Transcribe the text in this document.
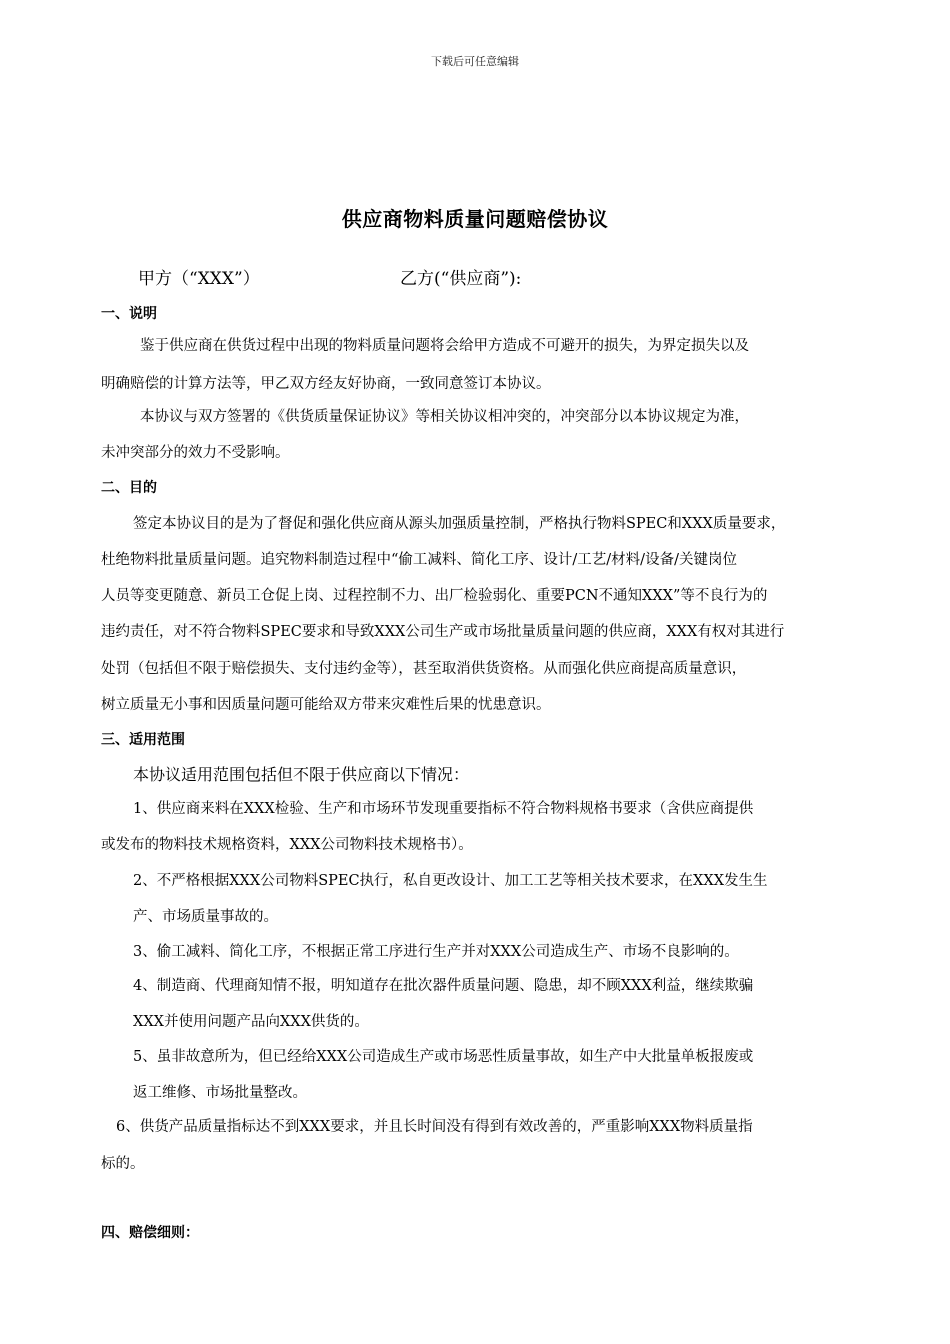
下载后可任意编辑
供应商物料质量问题赔偿协议
甲方（“XXX”）	乙方(“供应商”):
一、说明
鉴于供应商在供货过程中出现的物料质量问题将会给甲方造成不可避开的损失，为界定损失以及
明确赔偿的计算方法等，甲乙双方经友好协商，一致同意签订本协议。
本协议与双方签署的《供货质量保证协议》等相关协议相冲突的，冲突部分以本协议规定为准，
未冲突部分的效力不受影响。
二、目的
签定本协议目的是为了督促和强化供应商从源头加强质量控制，严格执行物料SPEC和XXX质量要求，
杜绝物料批量质量问题。追究物料制造过程中“偷工减料、简化工序、设计/工艺/材料/设备/关键岗位
人员等变更随意、新员工仓促上岗、过程控制不力、出厂检验弱化、重要PCN不通知XXX”等不良行为的
违约责任，对不符合物料SPEC要求和导致XXX公司生产或市场批量质量问题的供应商，XXX有权对其进行
处罚（包括但不限于赔偿损失、支付违约金等），甚至取消供货资格。从而强化供应商提高质量意识，
树立质量无小事和因质量问题可能给双方带来灾难性后果的忧患意识。
三、适用范围
本协议适用范围包括但不限于供应商以下情况：
1、供应商来料在XXX检验、生产和市场环节发现重要指标不符合物料规格书要求（含供应商提供
或发布的物料技术规格资料，XXX公司物料技术规格书）。
2、不严格根据XXX公司物料SPEC执行，私自更改设计、加工工艺等相关技术要求，在XXX发生生
产、市场质量事故的。
3、偷工减料、简化工序，不根据正常工序进行生产并对XXX公司造成生产、市场不良影响的。
4、制造商、代理商知情不报，明知道存在批次器件质量问题、隐患，却不顾XXX利益，继续欺骗
XXX并使用问题产品向XXX供货的。
5、虽非故意所为，但已经给XXX公司造成生产或市场恶性质量事故，如生产中大批量单板报废或
返工维修、市场批量整改。
6、供货产品质量指标达不到XXX要求，并且长时间没有得到有效改善的，严重影响XXX物料质量指
标的。
四、赔偿细则：
